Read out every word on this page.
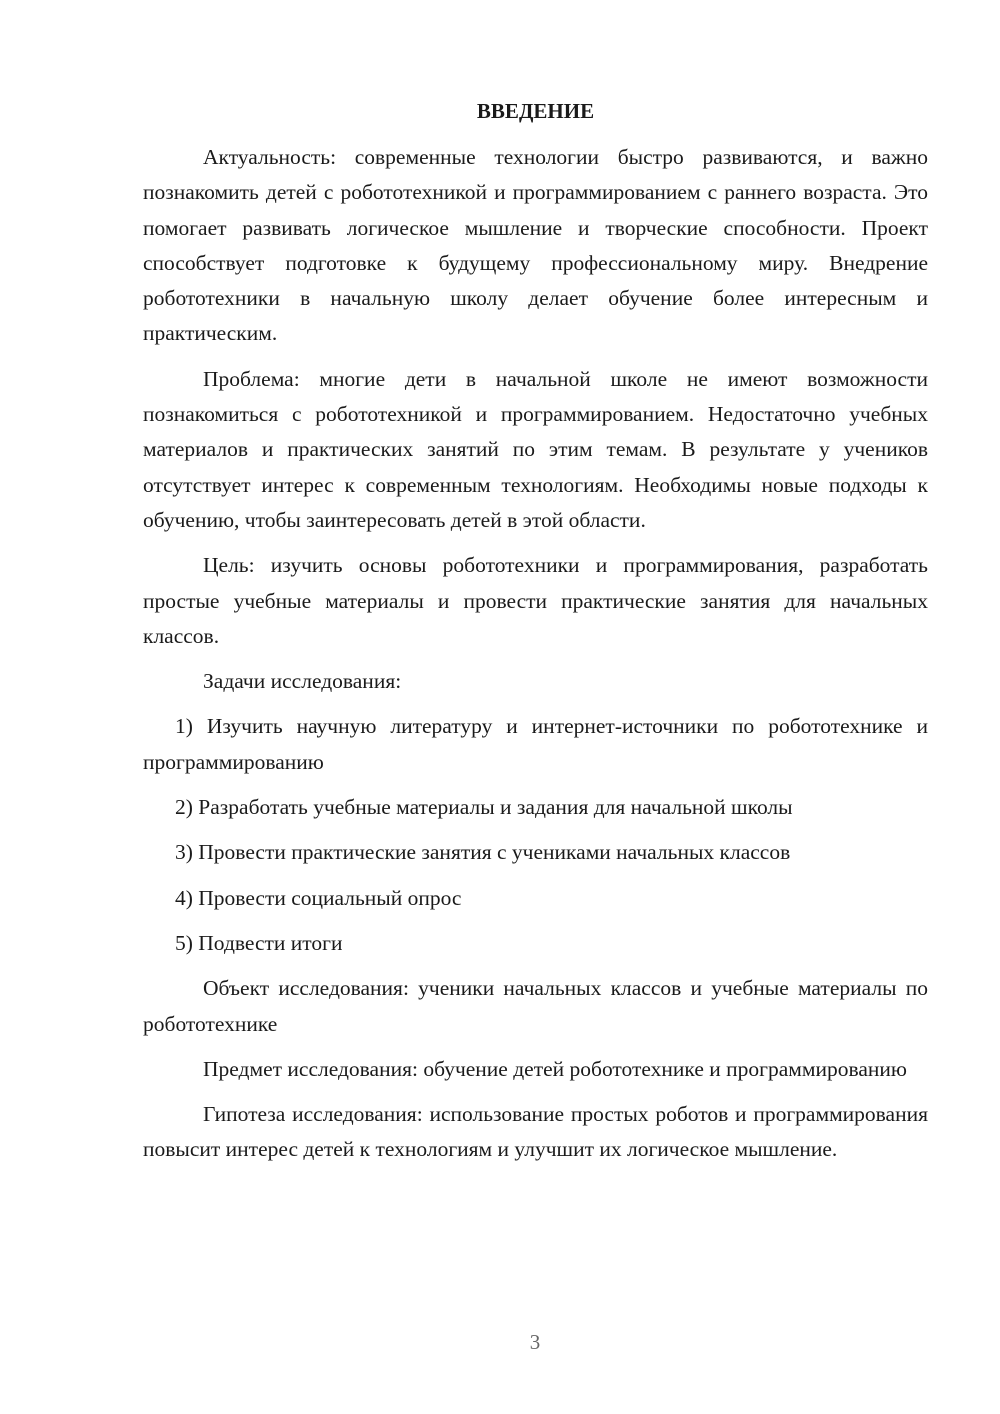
ВВЕДЕНИЕ

Актуальность: современные технологии быстро развиваются, и важно познакомить детей с робототехникой и программированием с раннего возраста. Это помогает развивать логическое мышление и творческие способности. Проект способствует подготовке к будущему профессиональному миру. Внедрение робототехники в начальную школу делает обучение более интересным и практическим.

Проблема: многие дети в начальной школе не имеют возможности познакомиться с робототехникой и программированием. Недостаточно учебных материалов и практических занятий по этим темам. В результате у учеников отсутствует интерес к современным технологиям. Необходимы новые подходы к обучению, чтобы заинтересовать детей в этой области.

Цель: изучить основы робототехники и программирования, разработать простые учебные материалы и провести практические занятия для начальных классов.

Задачи исследования:

1) Изучить научную литературу и интернет-источники по робототехнике и программированию

2) Разработать учебные материалы и задания для начальной школы

3) Провести практические занятия с учениками начальных классов

4) Провести социальный опрос

5) Подвести итоги

Объект исследования: ученики начальных классов и учебные материалы по робототехнике

Предмет исследования: обучение детей робототехнике и программированию

Гипотеза исследования: использование простых роботов и программирования повысит интерес детей к технологиям и улучшит их логическое мышление.

3
